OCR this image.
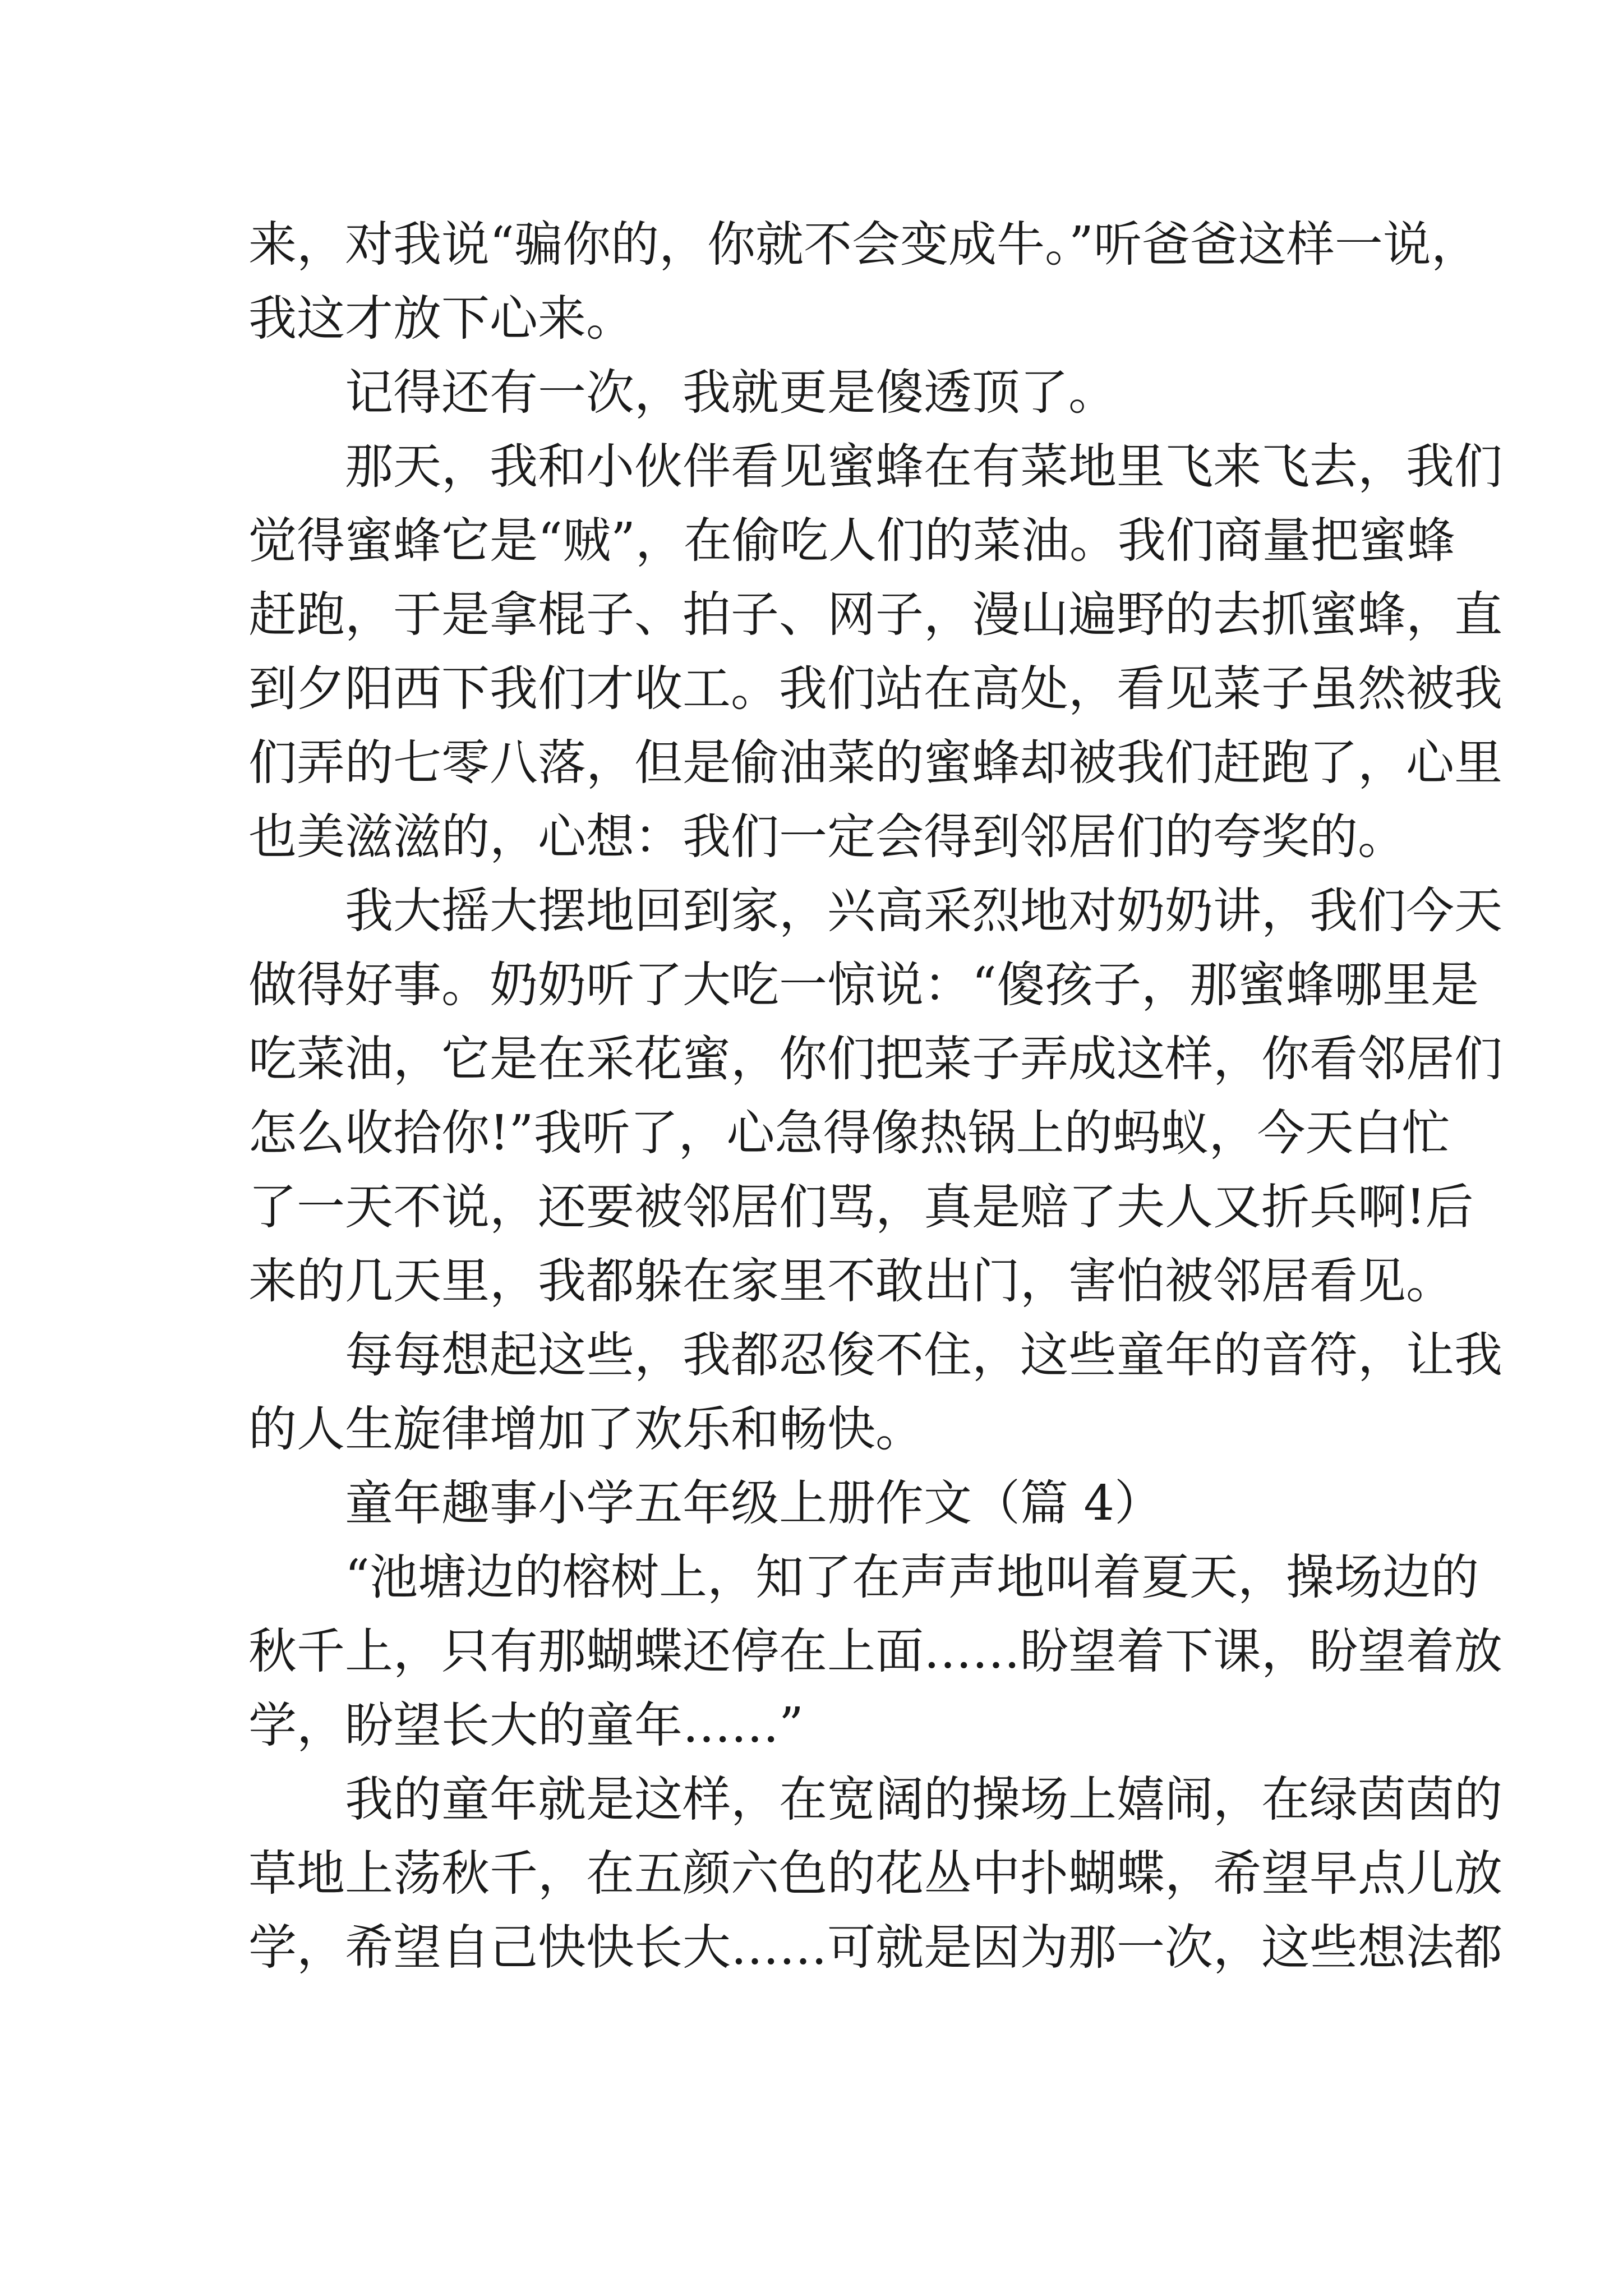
来，对我说“骗你的，你就不会变成牛。”听爸爸这样一说，
我这才放下心来。
记得还有一次，我就更是傻透顶了。
那天，我和小伙伴看见蜜蜂在有菜地里飞来飞去，我们
觉得蜜蜂它是“贼”，在偷吃人们的菜油。我们商量把蜜蜂
赶跑，于是拿棍子、拍子、网子，漫山遍野的去抓蜜蜂，直
到夕阳西下我们才收工。我们站在高处，看见菜子虽然被我
们弄的七零八落，但是偷油菜的蜜蜂却被我们赶跑了，心里
也美滋滋的，心想：我们一定会得到邻居们的夸奖的。
我大摇大摆地回到家，兴高采烈地对奶奶讲，我们今天
做得好事。奶奶听了大吃一惊说：“傻孩子，那蜜蜂哪里是
吃菜油，它是在采花蜜，你们把菜子弄成这样，你看邻居们
怎么收拾你!”我听了，心急得像热锅上的蚂蚁，今天白忙
了一天不说，还要被邻居们骂，真是赔了夫人又折兵啊!后
来的几天里，我都躲在家里不敢出门，害怕被邻居看见。
每每想起这些，我都忍俊不住，这些童年的音符，让我
的人生旋律增加了欢乐和畅快。
童年趣事小学五年级上册作文（篇 4）
“池塘边的榕树上，知了在声声地叫着夏天，操场边的
秋千上，只有那蝴蝶还停在上面……盼望着下课，盼望着放
学，盼望长大的童年……”
我的童年就是这样，在宽阔的操场上嬉闹，在绿茵茵的
草地上荡秋千，在五颜六色的花丛中扑蝴蝶，希望早点儿放
学，希望自己快快长大……可就是因为那一次，这些想法都
